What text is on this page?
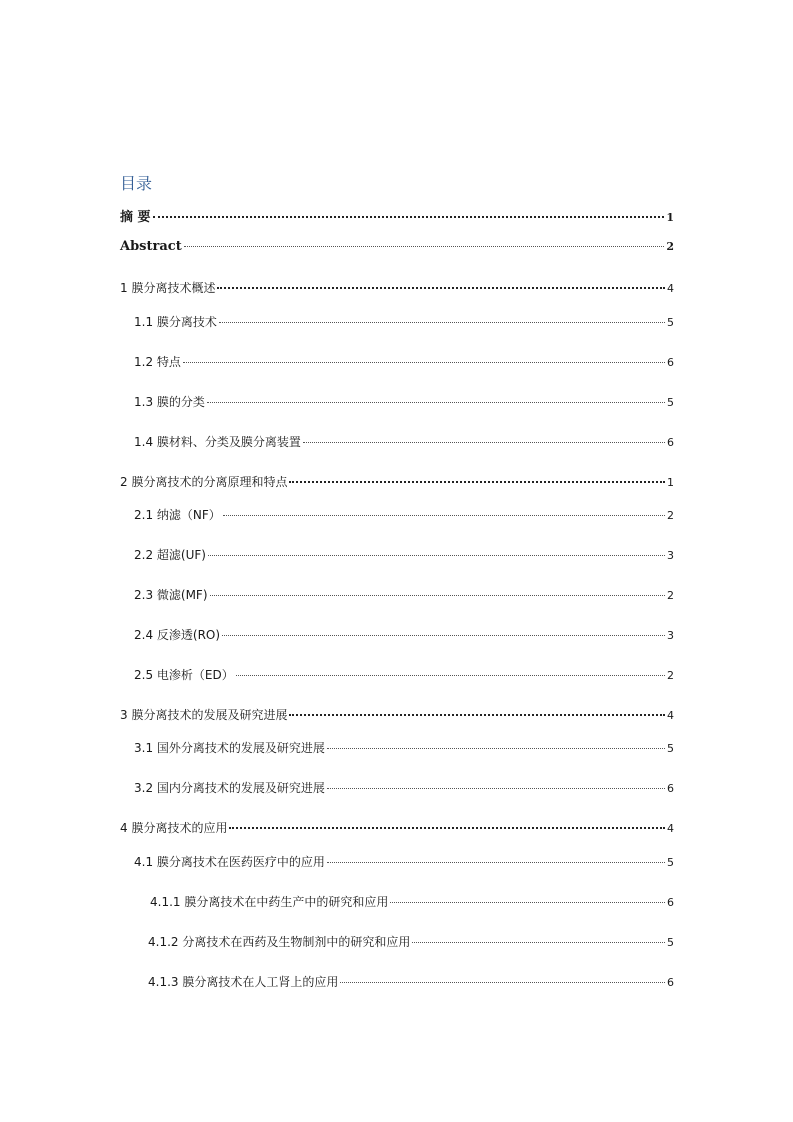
目录
摘 要	1
Abstract	2
1 膜分离技术概述	4
1.1 膜分离技术	5
1.2 特点	6
1.3 膜的分类	5
1.4 膜材料、分类及膜分离装置	6
2 膜分离技术的分离原理和特点	1
2.1 纳滤（NF）	2
2.2 超滤(UF)	3
2.3 微滤(MF)	2
2.4 反渗透(RO)	3
2.5 电渗析（ED）	2
3 膜分离技术的发展及研究进展	4
3.1 国外分离技术的发展及研究进展	5
3.2 国内分离技术的发展及研究进展	6
4 膜分离技术的应用	4
4.1 膜分离技术在医药医疗中的应用	5
4.1.1 膜分离技术在中药生产中的研究和应用	6
4.1.2 分离技术在西药及生物制剂中的研究和应用	5
4.1.3 膜分离技术在人工肾上的应用	6
